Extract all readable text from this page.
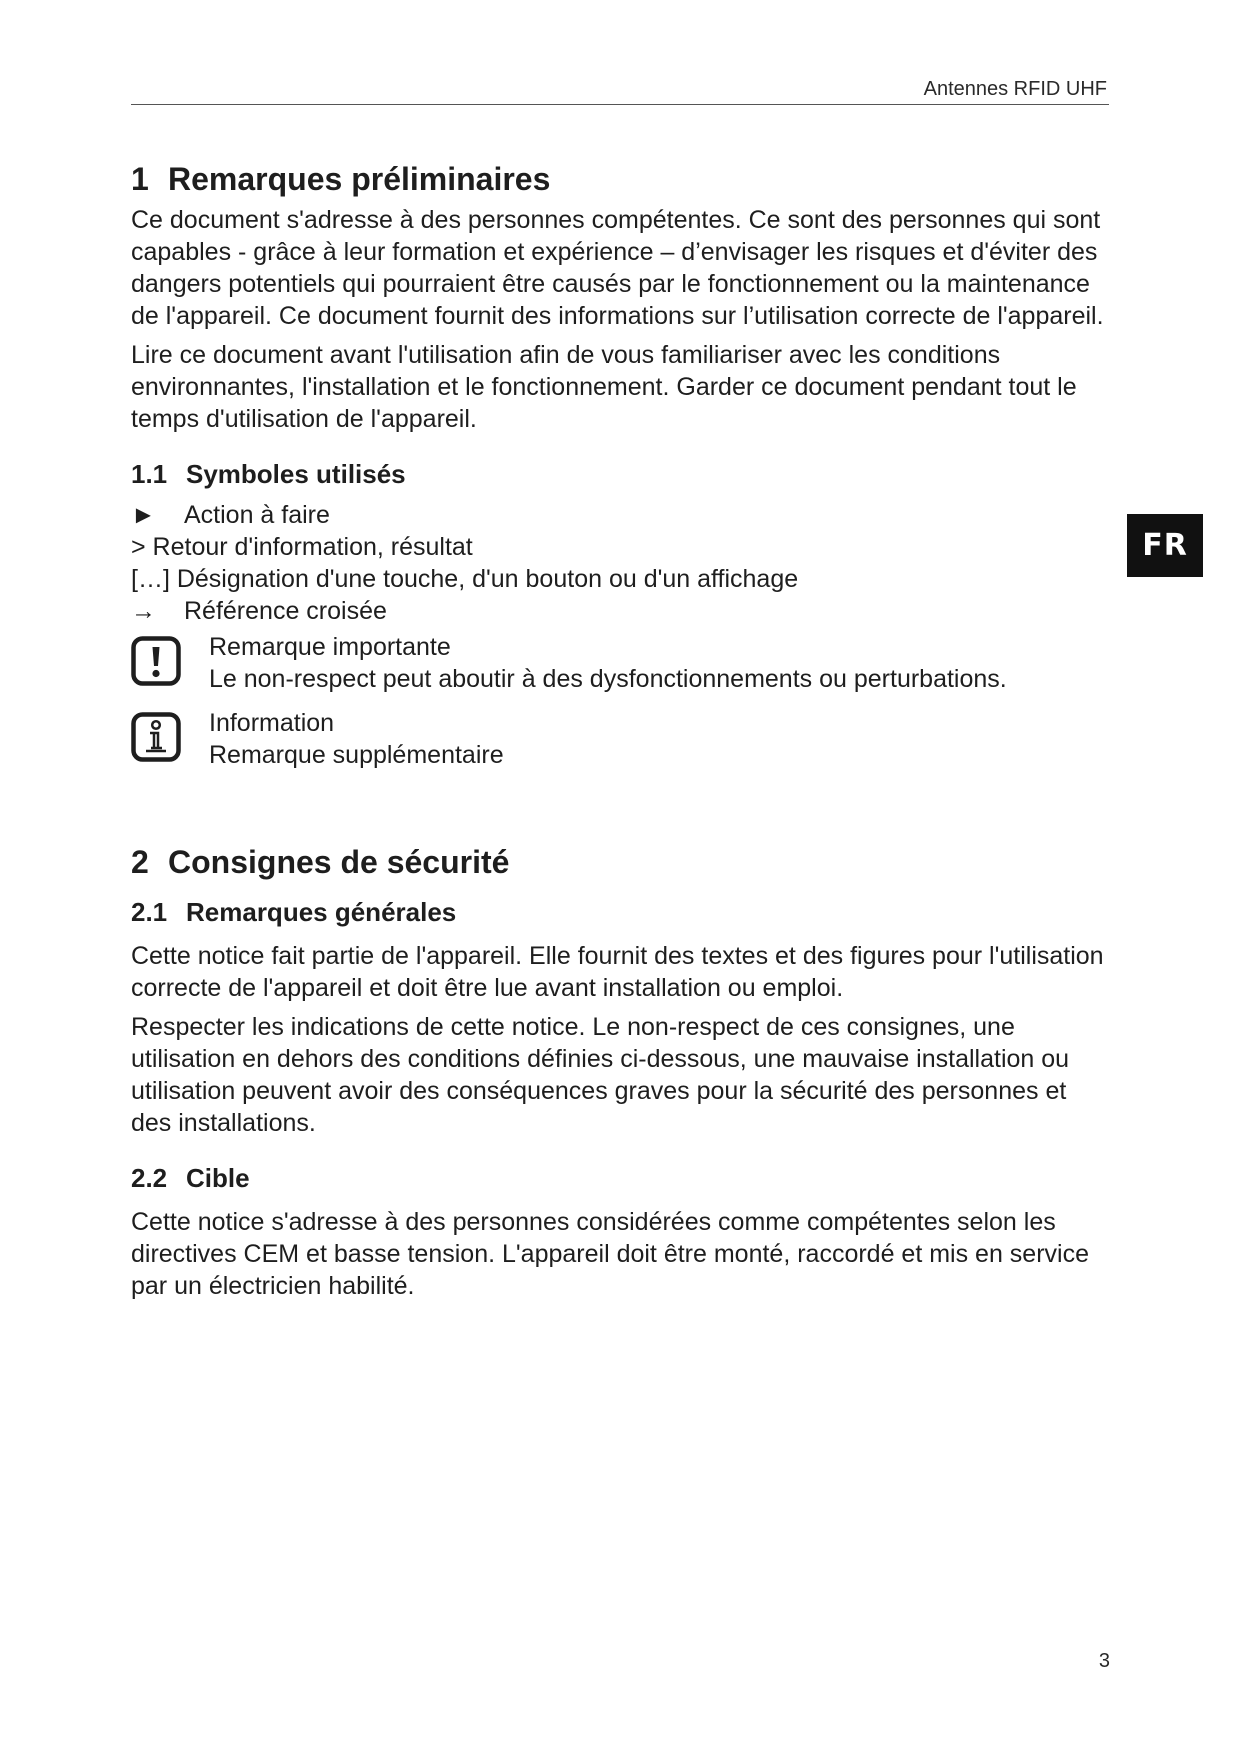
Antennes RFID UHF
FR
1 Remarques préliminaires

Ce document s'adresse à des personnes compétentes. Ce sont des personnes qui sont capables - grâce à leur formation et expérience – d’envisager les risques et d'éviter des dangers potentiels qui pourraient être causés par le fonctionnement ou la maintenance de l'appareil. Ce document fournit des informations sur l’utilisation correcte de l'appareil.

Lire ce document avant l'utilisation afin de vous familiariser avec les conditions environnantes, l'installation et le fonctionnement. Garder ce document pendant tout le temps d'utilisation de l'appareil.

1.1 Symboles utilisés
► Action à faire
> Retour d'information, résultat
[…] Désignation d'une touche, d'un bouton ou d'un affichage
→ Référence croisée
Remarque importante
Le non-respect peut aboutir à des dysfonctionnements ou perturbations.
Information
Remarque supplémentaire
2 Consignes de sécurité
2.1 Remarques générales

Cette notice fait partie de l'appareil. Elle fournit des textes et des figures pour l'utilisation correcte de l'appareil et doit être lue avant installation ou emploi.

Respecter les indications de cette notice. Le non-respect de ces consignes, une utilisation en dehors des conditions définies ci-dessous, une mauvaise installation ou utilisation peuvent avoir des conséquences graves pour la sécurité des personnes et des installations.

2.2 Cible

Cette notice s'adresse à des personnes considérées comme compétentes selon les directives CEM et basse tension. L'appareil doit être monté, raccordé et mis en service par un électricien habilité.

3
